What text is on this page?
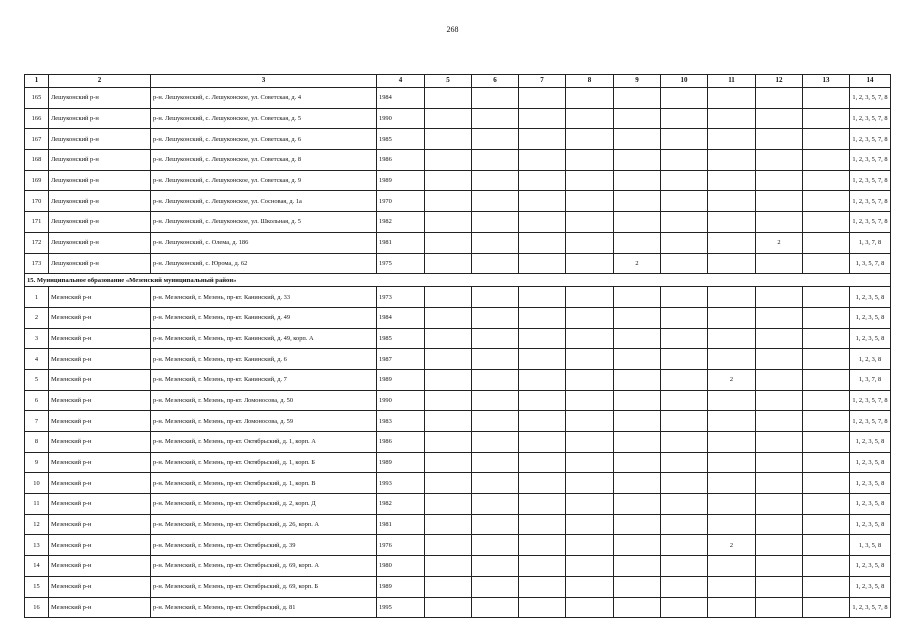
268
1	2	3	4	5	6	7	8	9	10	11	12	13	14
165	Лешуконский р-н	р-н. Лешуконский, с. Лешуконское, ул. Советская, д. 4	1984										1, 2, 3, 5, 7, 8
166	Лешуконский р-н	р-н. Лешуконский, с. Лешуконское, ул. Советская, д. 5	1990										1, 2, 3, 5, 7, 8
167	Лешуконский р-н	р-н. Лешуконский, с. Лешуконское, ул. Советская, д. 6	1985										1, 2, 3, 5, 7, 8
168	Лешуконский р-н	р-н. Лешуконский, с. Лешуконское, ул. Советская, д. 8	1986										1, 2, 3, 5, 7, 8
169	Лешуконский р-н	р-н. Лешуконский, с. Лешуконское, ул. Советская, д. 9	1989										1, 2, 3, 5, 7, 8
170	Лешуконский р-н	р-н. Лешуконский, с. Лешуконское, ул. Сосновая, д. 1а	1970										1, 2, 3, 5, 7, 8
171	Лешуконский р-н	р-н. Лешуконский, с. Лешуконское, ул. Школьная, д. 5	1982										1, 2, 3, 5, 7, 8
172	Лешуконский р-н	р-н. Лешуконский, с. Олема, д. 186	1981								2		1, 3, 7, 8
173	Лешуконский р-н	р-н. Лешуконский, с. Юрома, д. 62	1975					2					1, 3, 5, 7, 8
15. Муниципальное образование «Мезенский муниципальный район»													
1	Мезенский р-н	р-н. Мезенский, г. Мезень, пр-кт. Канинский, д. 33	1973										1, 2, 3, 5, 8
2	Мезенский р-н	р-н. Мезенский, г. Мезень, пр-кт. Канинский, д. 49	1984										1, 2, 3, 5, 8
3	Мезенский р-н	р-н. Мезенский, г. Мезень, пр-кт. Канинский, д. 49, корп. А	1985										1, 2, 3, 5, 8
4	Мезенский р-н	р-н. Мезенский, г. Мезень, пр-кт. Канинский, д. 6	1987										1, 2, 3, 8
5	Мезенский р-н	р-н. Мезенский, г. Мезень, пр-кт. Канинский, д. 7	1989							2			1, 3, 7, 8
6	Мезенский р-н	р-н. Мезенский, г. Мезень, пр-кт. Ломоносова, д. 50	1990										1, 2, 3, 5, 7, 8
7	Мезенский р-н	р-н. Мезенский, г. Мезень, пр-кт. Ломоносова, д. 59	1983										1, 2, 3, 5, 7, 8
8	Мезенский р-н	р-н. Мезенский, г. Мезень, пр-кт. Октябрьский, д. 1, корп. А	1986										1, 2, 3, 5, 8
9	Мезенский р-н	р-н. Мезенский, г. Мезень, пр-кт. Октябрьский, д. 1, корп. Б	1989										1, 2, 3, 5, 8
10	Мезенский р-н	р-н. Мезенский, г. Мезень, пр-кт. Октябрьский, д. 1, корп. В	1993										1, 2, 3, 5, 8
11	Мезенский р-н	р-н. Мезенский, г. Мезень, пр-кт. Октябрьский, д. 2, корп. Д	1982										1, 2, 3, 5, 8
12	Мезенский р-н	р-н. Мезенский, г. Мезень, пр-кт. Октябрьский, д. 26, корп. А	1981										1, 2, 3, 5, 8
13	Мезенский р-н	р-н. Мезенский, г. Мезень, пр-кт. Октябрьский, д. 39	1976							2			1, 3, 5, 8
14	Мезенский р-н	р-н. Мезенский, г. Мезень, пр-кт. Октябрьский, д. 69, корп. А	1980										1, 2, 3, 5, 8
15	Мезенский р-н	р-н. Мезенский, г. Мезень, пр-кт. Октябрьский, д. 69, корп. Б	1989										1, 2, 3, 5, 8
16	Мезенский р-н	р-н. Мезенский, г. Мезень, пр-кт. Октябрьский, д. 81	1995										1, 2, 3, 5, 7, 8
